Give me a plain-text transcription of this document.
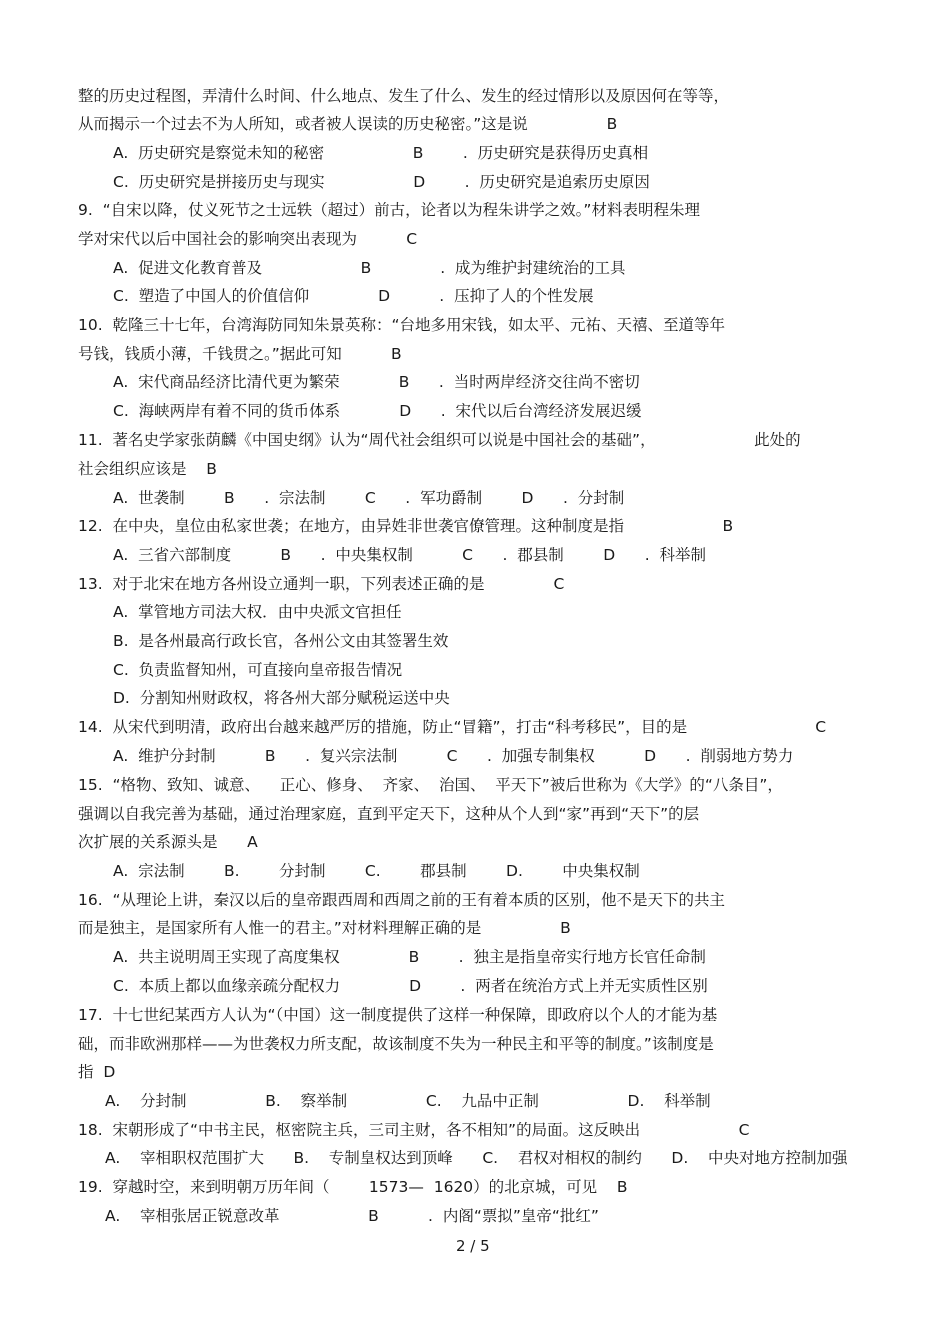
整的历史过程图，弄清什么时间、什么地点、发生了什么、发生的经过情形以及原因何在等等，
从而揭示一个过去不为人所知，或者被人误读的历史秘密。”这是说                B
A.  历史研究是察觉未知的秘密                  B        .  历史研究是获得历史真相
C.  历史研究是拼接历史与现实                  D        .  历史研究是追索历史原因
9.  “自宋以降，仗义死节之士远轶（超过）前古，论者以为程朱讲学之效。”材料表明程朱理
学对宋代以后中国社会的影响突出表现为          C
A.  促进文化教育普及                    B              .  成为维护封建统治的工具
C.  塑造了中国人的价值信仰              D          .  压抑了人的个性发展
10.  乾隆三十七年，台湾海防同知朱景英称：“台地多用宋钱，如太平、元祐、天禧、至道等年
号钱，钱质小薄，千钱贯之。”据此可知          B
A.  宋代商品经济比清代更为繁荣            B      .  当时两岸经济交往尚不密切
C.  海峡两岸有着不同的货币体系            D      .  宋代以后台湾经济发展迟缓
11.  著名史学家张荫麟《中国史纲》认为“周代社会组织可以说是中国社会的基础”，                    此处的
社会组织应该是    B
A.  世袭制        B      .  宗法制        C      .  军功爵制        D      .  分封制
12.  在中央，皇位由私家世袭；在地方，由异姓非世袭官僚管理。这种制度是指                    B
A.  三省六部制度          B      .  中央集权制          C      .  郡县制        D      .  科举制
13.  对于北宋在地方各州设立通判一职，下列表述正确的是              C
A.  掌管地方司法大权．由中央派文官担任
B.  是各州最高行政长官，各州公文由其签署生效
C.  负责监督知州，可直接向皇帝报告情况
D.  分割知州财政权，将各州大部分赋税运送中央
14.  从宋代到明清，政府出台越来越严厉的措施，防止“冒籍”，打击“科考移民”，目的是                          C
A.  维护分封制          B      .  复兴宗法制          C      .  加强专制集权          D      .  削弱地方势力
15.  “格物、致知、诚意、    正心、修身、  齐家、  治国、  平天下”被后世称为《大学》的“八条目”，
强调以自我完善为基础，通过治理家庭，直到平定天下，这种从个人到“家”再到“天下”的层
次扩展的关系源头是      A
A.  宗法制        B.        分封制        C.        郡县制        D.        中央集权制
16.  “从理论上讲，秦汉以后的皇帝跟西周和西周之前的王有着本质的区别，他不是天下的共主
而是独主，是国家所有人惟一的君主。”对材料理解正确的是                B
A.  共主说明周王实现了高度集权              B        .  独主是指皇帝实行地方长官任命制
C.  本质上都以血缘亲疏分配权力              D        .  两者在统治方式上并无实质性区别
17.  十七世纪某西方人认为“（中国）这一制度提供了这样一种保障，即政府以个人的才能为基
础，而非欧洲那样——为世袭权力所支配，故该制度不失为一种民主和平等的制度。”该制度是
指  D
A.    分封制                B.    察举制                C.    九品中正制                  D.    科举制
18.  宋朝形成了“中书主民，枢密院主兵，三司主财，各不相知”的局面。这反映出                    C
A.    宰相职权范围扩大      B.    专制皇权达到顶峰      C.    君权对相权的制约      D.    中央对地方控制加强
19.  穿越时空，来到明朝万历年间（        1573—  1620）的北京城，可见    B
A.    宰相张居正锐意改革                  B          .  内阁“票拟”皇帝“批红”
2 / 5
